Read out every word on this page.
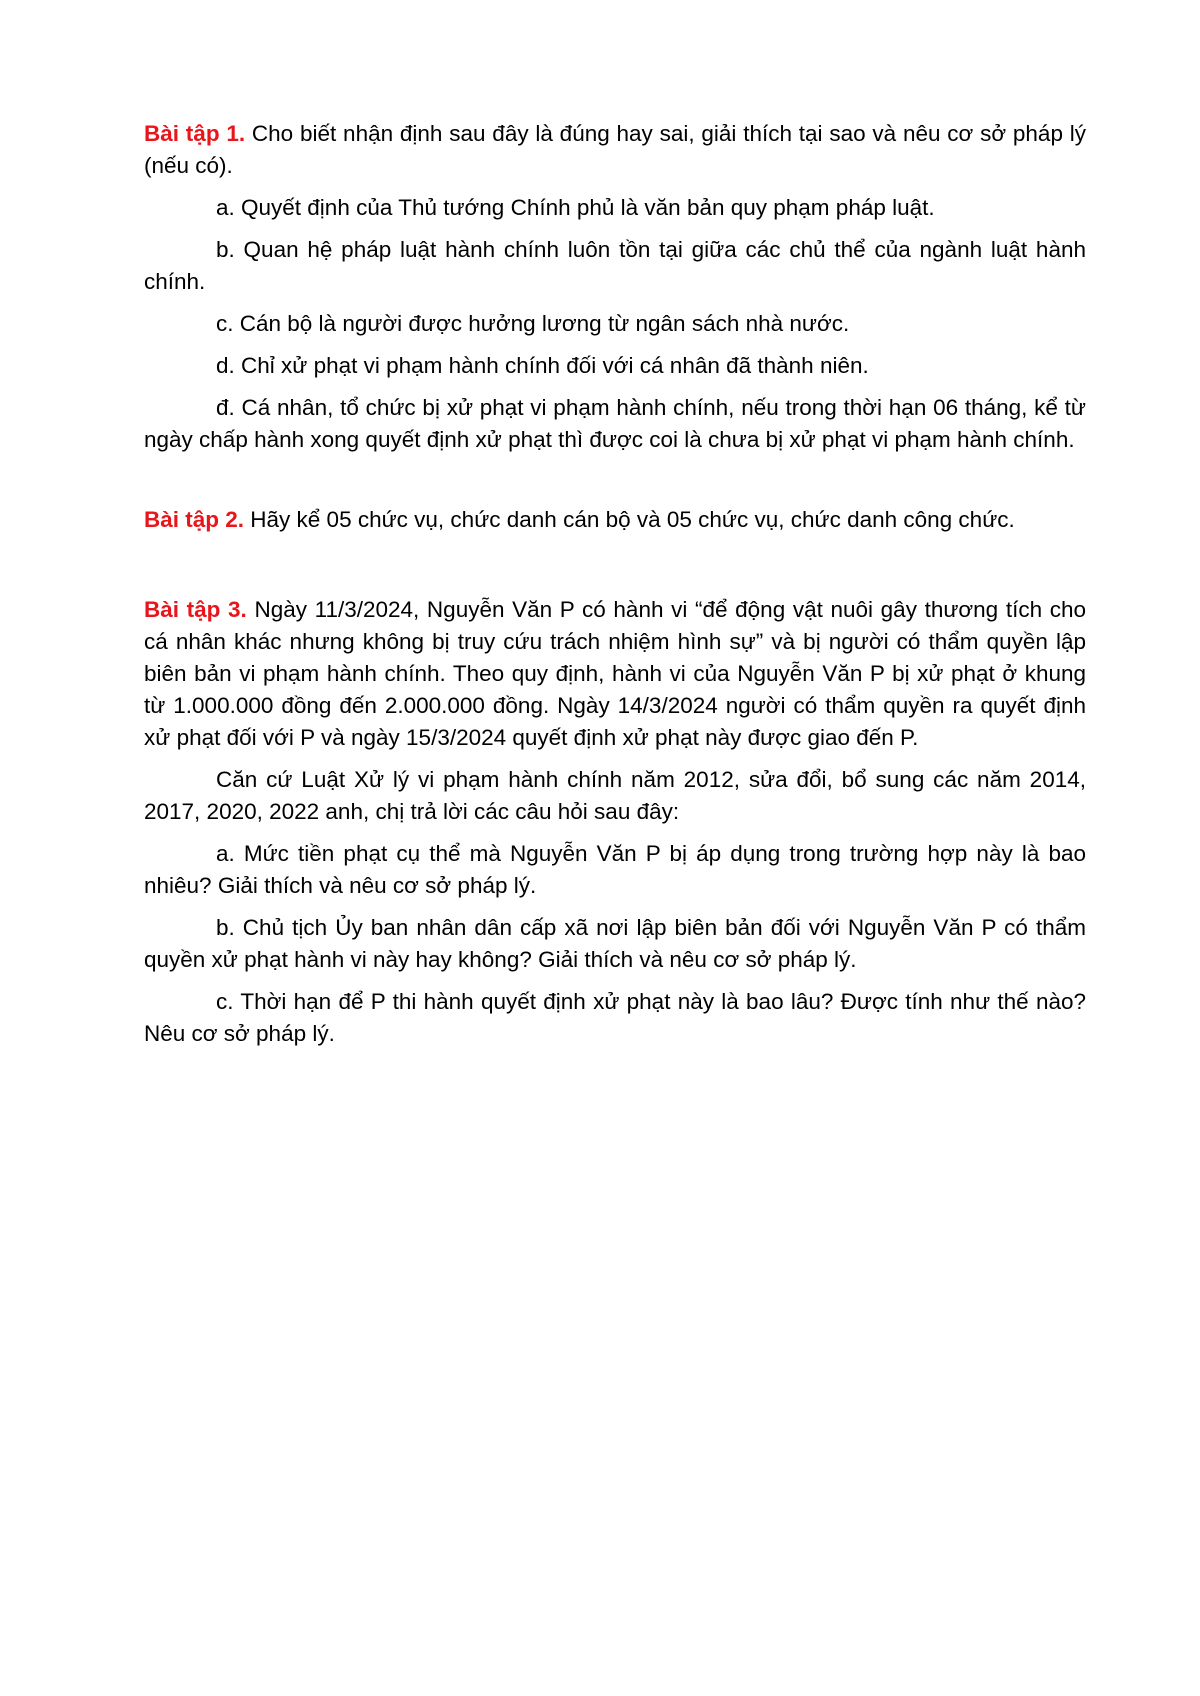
Bài tập 1. Cho biết nhận định sau đây là đúng hay sai, giải thích tại sao và nêu cơ sở pháp lý (nếu có).

a. Quyết định của Thủ tướng Chính phủ là văn bản quy phạm pháp luật.

b. Quan hệ pháp luật hành chính luôn tồn tại giữa các chủ thể của ngành luật hành chính.

c. Cán bộ là người được hưởng lương từ ngân sách nhà nước.

d. Chỉ xử phạt vi phạm hành chính đối với cá nhân đã thành niên.

đ. Cá nhân, tổ chức bị xử phạt vi phạm hành chính, nếu trong thời hạn 06 tháng, kể từ ngày chấp hành xong quyết định xử phạt thì được coi là chưa bị xử phạt vi phạm hành chính.

Bài tập 2. Hãy kể 05 chức vụ, chức danh cán bộ và 05 chức vụ, chức danh công chức.

Bài tập 3. Ngày 11/3/2024, Nguyễn Văn P có hành vi “để động vật nuôi gây thương tích cho cá nhân khác nhưng không bị truy cứu trách nhiệm hình sự” và bị người có thẩm quyền lập biên bản vi phạm hành chính. Theo quy định, hành vi của Nguyễn Văn P bị xử phạt ở khung từ 1.000.000 đồng đến 2.000.000 đồng. Ngày 14/3/2024 người có thẩm quyền ra quyết định xử phạt đối với P và ngày 15/3/2024 quyết định xử phạt này được giao đến P.

Căn cứ Luật Xử lý vi phạm hành chính năm 2012, sửa đổi, bổ sung các năm 2014, 2017, 2020, 2022 anh, chị trả lời các câu hỏi sau đây:

a. Mức tiền phạt cụ thể mà Nguyễn Văn P bị áp dụng trong trường hợp này là bao nhiêu? Giải thích và nêu cơ sở pháp lý.

b. Chủ tịch Ủy ban nhân dân cấp xã nơi lập biên bản đối với Nguyễn Văn P có thẩm quyền xử phạt hành vi này hay không? Giải thích và nêu cơ sở pháp lý.

c. Thời hạn để P thi hành quyết định xử phạt này là bao lâu? Được tính như thế nào? Nêu cơ sở pháp lý.
